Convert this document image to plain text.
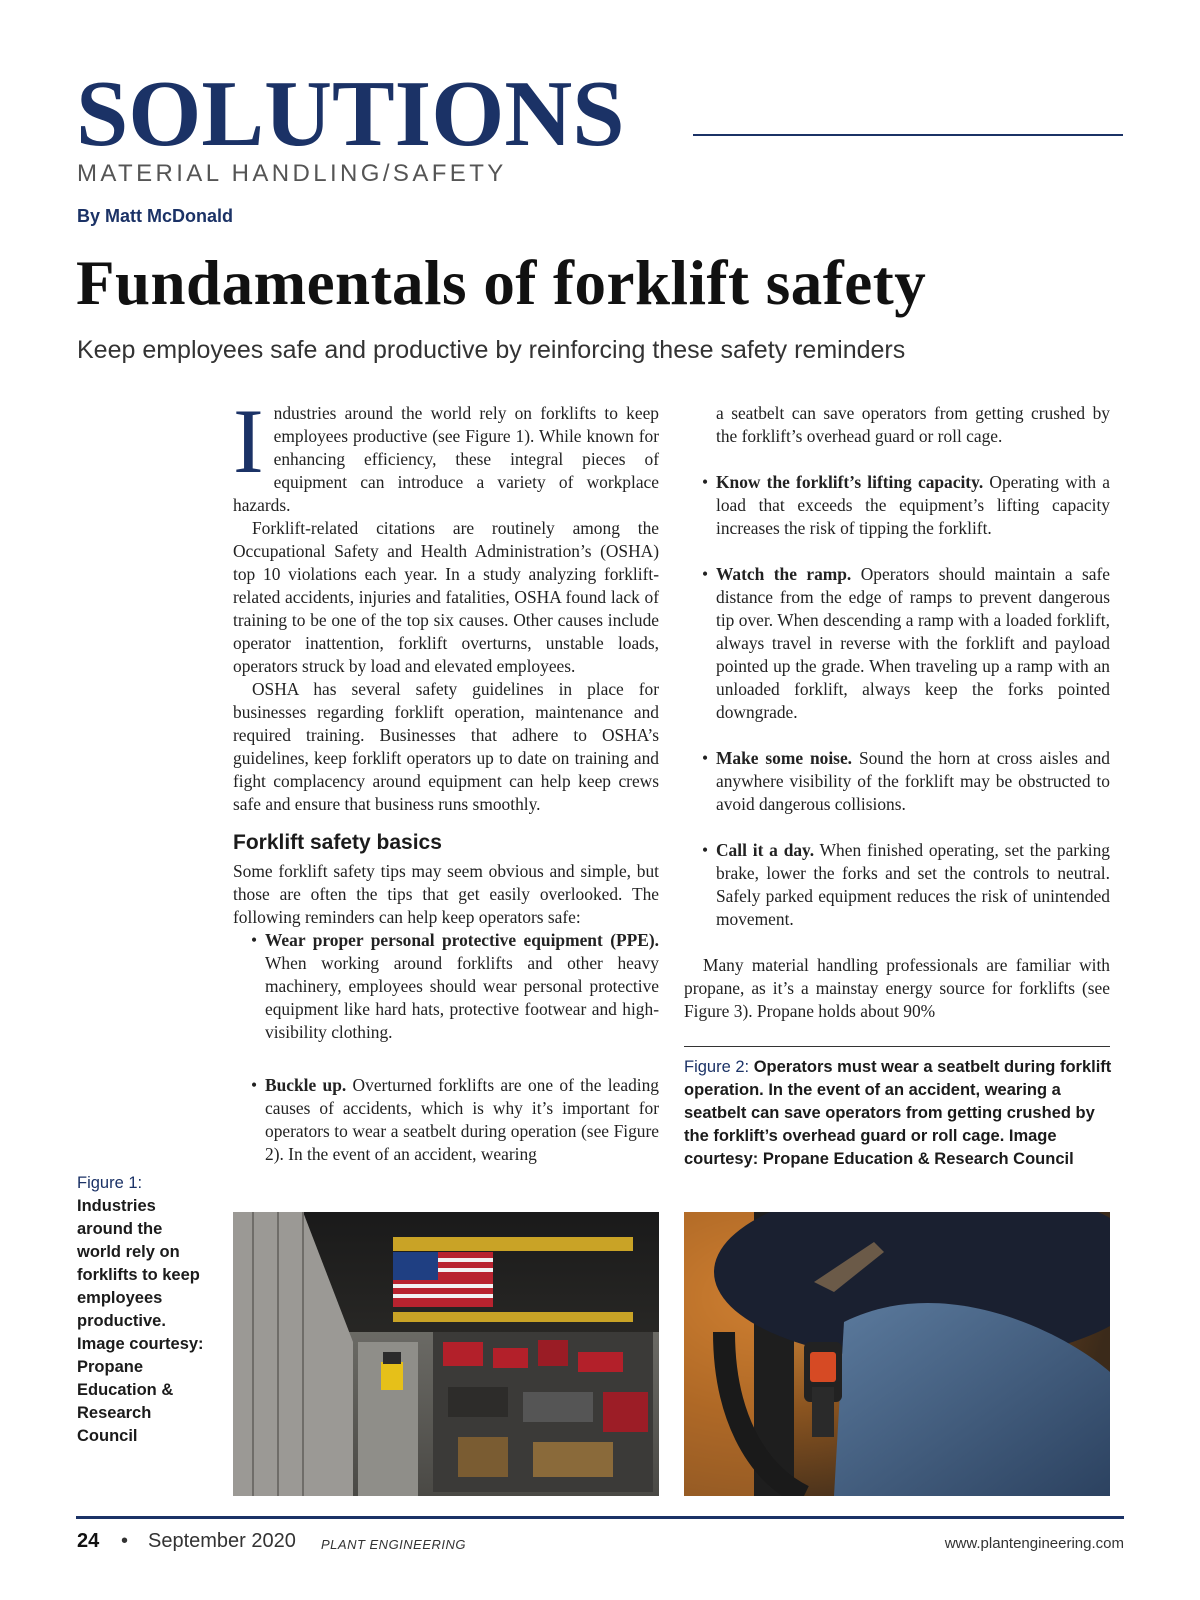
SOLUTIONS
MATERIAL HANDLING/SAFETY
By Matt McDonald
Fundamentals of forklift safety
Keep employees safe and productive by reinforcing these safety reminders

Industries around the world rely on forklifts to keep employees productive (see Figure 1). While known for enhancing efficiency, these integral pieces of equipment can introduce a variety of workplace hazards.

Forklift-related citations are routinely among the Occupational Safety and Health Administration’s (OSHA) top 10 violations each year. In a study analyzing forklift-related accidents, injuries and fatalities, OSHA found lack of training to be one of the top six causes. Other causes include operator inattention, forklift overturns, unstable loads, operators struck by load and elevated employees.

OSHA has several safety guidelines in place for businesses regarding forklift operation, maintenance and required training. Businesses that adhere to OSHA’s guidelines, keep forklift operators up to date on training and fight complacency around equipment can help keep crews safe and ensure that business runs smoothly.

Forklift safety basics

Some forklift safety tips may seem obvious and simple, but those are often the tips that get easily overlooked. The following reminders can help keep operators safe:

• Wear proper personal protective equipment (PPE). When working around forklifts and other heavy machinery, employees should wear personal protective equipment like hard hats, protective footwear and high-visibility clothing.
• Buckle up. Overturned forklifts are one of the leading causes of accidents, which is why it’s important for operators to wear a seatbelt during operation (see Figure 2). In the event of an accident, wearing

a seatbelt can save operators from getting crushed by the forklift’s overhead guard or roll cage.

• Know the forklift’s lifting capacity. Operating with a load that exceeds the equipment’s lifting capacity increases the risk of tipping the forklift.
• Watch the ramp. Operators should maintain a safe distance from the edge of ramps to prevent dangerous tip over. When descending a ramp with a loaded forklift, always travel in reverse with the forklift and payload pointed up the grade. When traveling up a ramp with an unloaded forklift, always keep the forks pointed downgrade.
• Make some noise. Sound the horn at cross aisles and anywhere visibility of the forklift may be obstructed to avoid dangerous collisions.
• Call it a day. When finished operating, set the parking brake, lower the forks and set the controls to neutral. Safely parked equipment reduces the risk of unintended movement.

Many material handling professionals are familiar with propane, as it’s a mainstay energy source for forklifts (see Figure 3). Propane holds about 90%

Figure 2: Operators must wear a seatbelt during forklift operation. In the event of an accident, wearing a seatbelt can save operators from getting crushed by the forklift’s overhead guard or roll cage. Image courtesy: Propane Education & Research Council
Figure 1: Industries around the world rely on forklifts to keep employees productive. Image courtesy: Propane Education & Research Council
24 • September 2020 PLANT ENGINEERING	www.plantengineering.com
